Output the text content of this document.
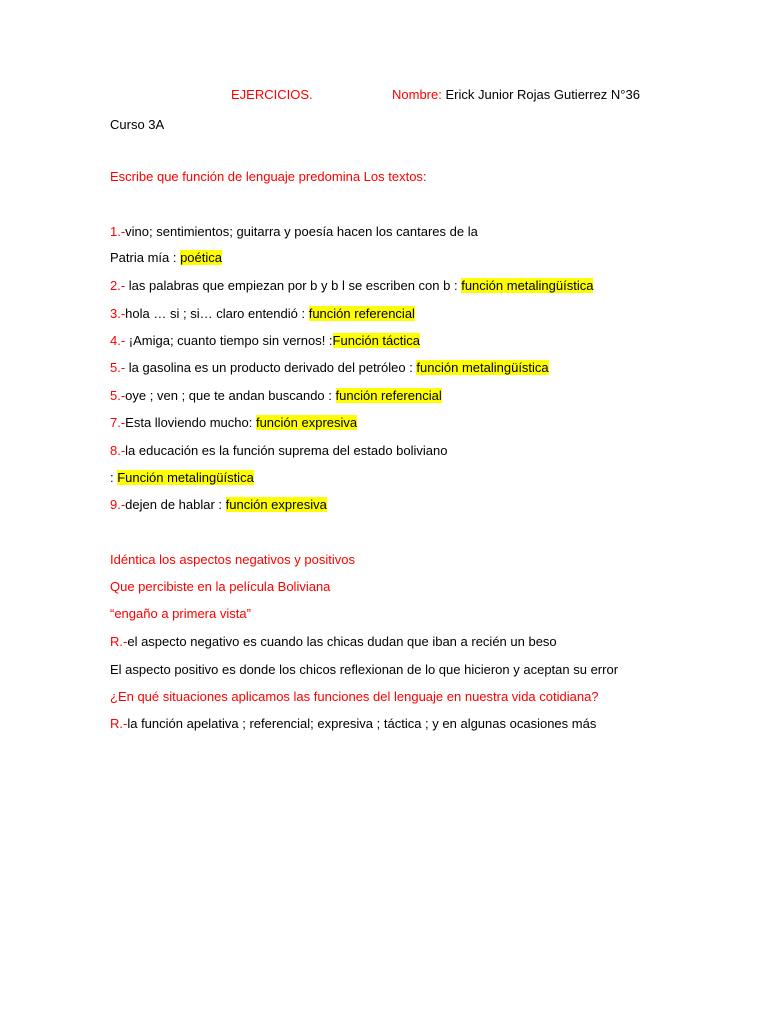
EJERCICIOS.	Nombre: Erick Junior Rojas Gutierrez N°36
Curso 3A
Escribe que función de lenguaje predomina Los textos:
1.-vino; sentimientos; guitarra y poesía hacen los cantares de la
Patria mía : poética
2.- las palabras que empiezan por b y b l se escriben con b : función metalingüística
3.-hola … si ; si… claro entendió : función referencial
4.- ¡Amiga; cuanto tiempo sin vernos! :Función táctica
5.- la gasolina es un producto derivado del petróleo : función metalingüística
5.-oye ; ven ; que te andan buscando : función referencial
7.-Esta lloviendo mucho: función expresiva
8.-la educación es la función suprema del estado boliviano
: Función metalingüística
9.-dejen de hablar : función expresiva
Idéntica los aspectos negativos y positivos
Que percibiste en la película Boliviana
“engaño a primera vista”
R.-el aspecto negativo es cuando las chicas dudan que iban a recién un beso
El aspecto positivo es donde los chicos reflexionan de lo que hicieron y aceptan su error
¿En qué situaciones aplicamos las funciones del lenguaje en nuestra vida cotidiana?
R.-la función apelativa ; referencial; expresiva ; táctica ; y en algunas ocasiones más
